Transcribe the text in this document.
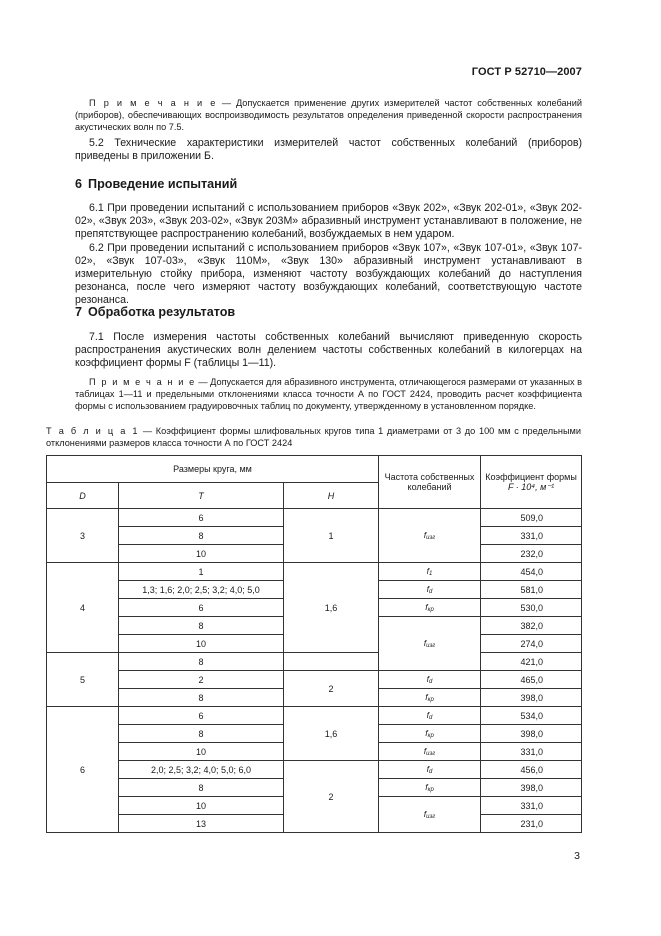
ГОСТ Р 52710—2007

П р и м е ч а н и е — Допускается применение других измерителей частот собственных колебаний (приборов), обеспечивающих воспроизводимость результатов определения приведенной скорости распространения акустических волн по 7.5.

5.2 Технические характеристики измерителей частот собственных колебаний (приборов) приведены в приложении Б.

6 Проведение испытаний

6.1 При проведении испытаний с использованием приборов «Звук 202», «Звук 202-01», «Звук 202-02», «Звук 203», «Звук 203-02», «Звук 203М» абразивный инструмент устанавливают в положение, не препятствующее распространению колебаний, возбуждаемых в нем ударом.

6.2 При проведении испытаний с использованием приборов «Звук 107», «Звук 107-01», «Звук 107-02», «Звук 107-03», «Звук 110М», «Звук 130» абразивный инструмент устанавливают в измерительную стойку прибора, изменяют частоту возбуждающих колебаний до наступления резонанса, после чего измеряют частоту возбуждающих колебаний, соответствующую частоте резонанса.

7 Обработка результатов

7.1 После измерения частоты собственных колебаний вычисляют приведенную скорость распространения акустических волн делением частоты собственных колебаний в килогерцах на коэффициент формы F (таблицы 1—11).

П р и м е ч а н и е — Допускается для абразивного инструмента, отличающегося размерами от указанных в таблицах 1—11 и предельными отклонениями класса точности А по ГОСТ 2424, проводить расчет коэффициента формы с использованием градуировочных таблиц по документу, утвержденному в установленном порядке.

Т а б л и ц а 1 — Коэффициент формы шлифовальных кругов типа 1 диаметрами от 3 до 100 мм с предельными отклонениями размеров класса точности А по ГОСТ 2424
Размеры круга, мм			Частота собственных колебаний	Коэффициент формы
F · 10⁴, м⁻¹
D	T	H		
3	6	1	$f_{изг}$	509,0
	8			331,0
	10			232,0
4	1	1,6	$f_1$	454,0
	1,3; 1,6; 2,0; 2,5; 3,2; 4,0; 5,0		$f_d$	581,0
	6		$f_{кр}$	530,0
	8		$f_{изг}$	382,0
	10			274,0
5	8			421,0
	2	2	$f_d$	465,0
	8		$f_{кр}$	398,0
6	6	1,6	$f_d$	534,0
	8		$f_{кр}$	398,0
	10		$f_{изг}$	331,0
	2,0; 2,5; 3,2; 4,0; 5,0; 6,0	2	$f_d$	456,0
	8		$f_{кр}$	398,0
	10		$f_{изг}$	331,0
	13			231,0
3
